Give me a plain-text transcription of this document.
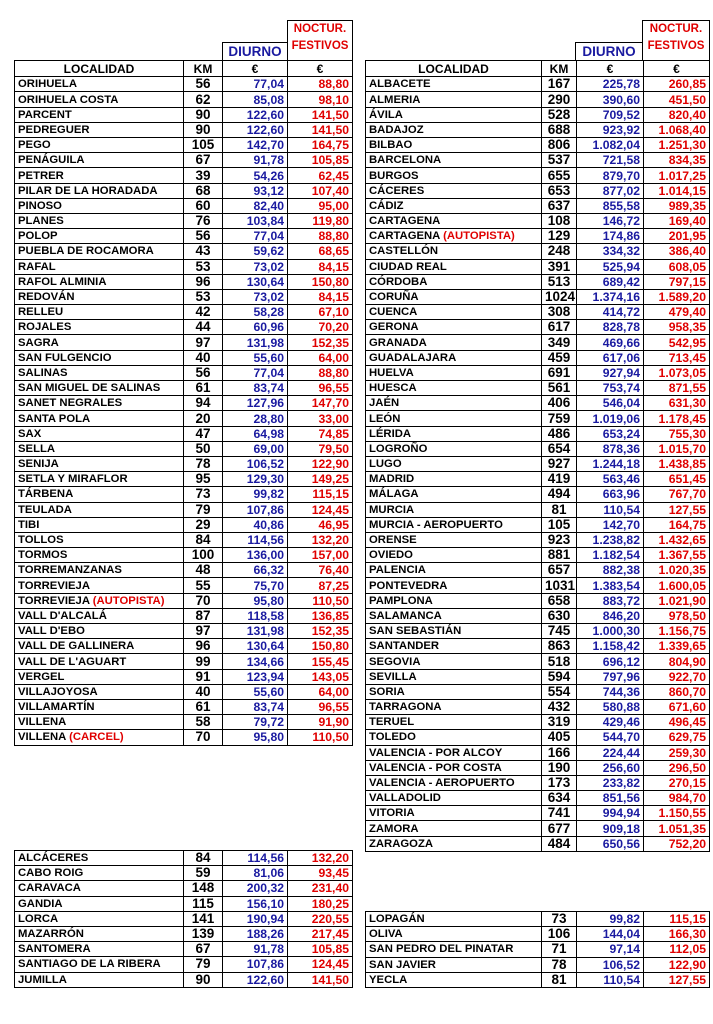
DIURNO
NOCTUR.
FESTIVOS	DIURNO
NOCTUR.
FESTIVOS
LOCALIDAD	KM	€	€
ORIHUELA	56	77,04	88,80
ORIHUELA COSTA	62	85,08	98,10
PARCENT	90	122,60	141,50
PEDREGUER	90	122,60	141,50
PEGO	105	142,70	164,75
PENÁGUILA	67	91,78	105,85
PETRER	39	54,26	62,45
PILAR DE LA HORADADA	68	93,12	107,40
PINOSO	60	82,40	95,00
PLANES	76	103,84	119,80
POLOP	56	77,04	88,80
PUEBLA DE ROCAMORA	43	59,62	68,65
RAFAL	53	73,02	84,15
RAFOL ALMINIA	96	130,64	150,80
REDOVÁN	53	73,02	84,15
RELLEU	42	58,28	67,10
ROJALES	44	60,96	70,20
SAGRA	97	131,98	152,35
SAN FULGENCIO	40	55,60	64,00
SALINAS	56	77,04	88,80
SAN MIGUEL DE SALINAS	61	83,74	96,55
SANET NEGRALES	94	127,96	147,70
SANTA POLA	20	28,80	33,00
SAX	47	64,98	74,85
SELLA	50	69,00	79,50
SENIJA	78	106,52	122,90
SETLA Y MIRAFLOR	95	129,30	149,25
TÁRBENA	73	99,82	115,15
TEULADA	79	107,86	124,45
TIBI	29	40,86	46,95
TOLLOS	84	114,56	132,20
TORMOS	100	136,00	157,00
TORREMANZANAS	48	66,32	76,40
TORREVIEJA	55	75,70	87,25
TORREVIEJA (AUTOPISTA)	70	95,80	110,50
VALL D'ALCALÁ	87	118,58	136,85
VALL D'EBO	97	131,98	152,35
VALL DE GALLINERA	96	130,64	150,80
VALL DE L'AGUART	99	134,66	155,45
VERGEL	91	123,94	143,05
VILLAJOYOSA	40	55,60	64,00
VILLAMARTÍN	61	83,74	96,55
VILLENA	58	79,72	91,90
VILLENA (CARCEL)	70	95,80	110,50
LOCALIDAD	KM	€	€
ALBACETE	167	225,78	260,85
ALMERIA	290	390,60	451,50
ÁVILA	528	709,52	820,40
BADAJOZ	688	923,92	1.068,40
BILBAO	806	1.082,04	1.251,30
BARCELONA	537	721,58	834,35
BURGOS	655	879,70	1.017,25
CÁCERES	653	877,02	1.014,15
CÁDIZ	637	855,58	989,35
CARTAGENA	108	146,72	169,40
CARTAGENA (AUTOPISTA)	129	174,86	201,95
CASTELLÓN	248	334,32	386,40
CIUDAD REAL	391	525,94	608,05
CÓRDOBA	513	689,42	797,15
CORUÑA	1024	1.374,16	1.589,20
CUENCA	308	414,72	479,40
GERONA	617	828,78	958,35
GRANADA	349	469,66	542,95
GUADALAJARA	459	617,06	713,45
HUELVA	691	927,94	1.073,05
HUESCA	561	753,74	871,55
JAÉN	406	546,04	631,30
LEÓN	759	1.019,06	1.178,45
LÉRIDA	486	653,24	755,30
LOGROÑO	654	878,36	1.015,70
LUGO	927	1.244,18	1.438,85
MADRID	419	563,46	651,45
MÁLAGA	494	663,96	767,70
MURCIA	81	110,54	127,55
MURCIA - AEROPUERTO	105	142,70	164,75
ORENSE	923	1.238,82	1.432,65
OVIEDO	881	1.182,54	1.367,55
PALENCIA	657	882,38	1.020,35
PONTEVEDRA	1031	1.383,54	1.600,05
PAMPLONA	658	883,72	1.021,90
SALAMANCA	630	846,20	978,50
SAN SEBASTIÁN	745	1.000,30	1.156,75
SANTANDER	863	1.158,42	1.339,65
SEGOVIA	518	696,12	804,90
SEVILLA	594	797,96	922,70
SORIA	554	744,36	860,70
TARRAGONA	432	580,88	671,60
TERUEL	319	429,46	496,45
TOLEDO	405	544,70	629,75
VALENCIA - POR ALCOY	166	224,44	259,30
VALENCIA - POR COSTA	190	256,60	296,50
VALENCIA - AEROPUERTO	173	233,82	270,15
VALLADOLID	634	851,56	984,70
VITORIA	741	994,94	1.150,55
ZAMORA	677	909,18	1.051,35
ZARAGOZA	484	650,56	752,20
ALCÁCERES	84	114,56	132,20
CABO ROIG	59	81,06	93,45
CARAVACA	148	200,32	231,40
GANDIA	115	156,10	180,25
LORCA	141	190,94	220,55
MAZARRÓN	139	188,26	217,45
SANTOMERA	67	91,78	105,85
SANTIAGO DE LA RIBERA	79	107,86	124,45
JUMILLA	90	122,60	141,50
LOPAGÁN	73	99,82	115,15
OLIVA	106	144,04	166,30
SAN PEDRO DEL PINATAR	71	97,14	112,05
SAN JAVIER	78	106,52	122,90
YECLA	81	110,54	127,55
